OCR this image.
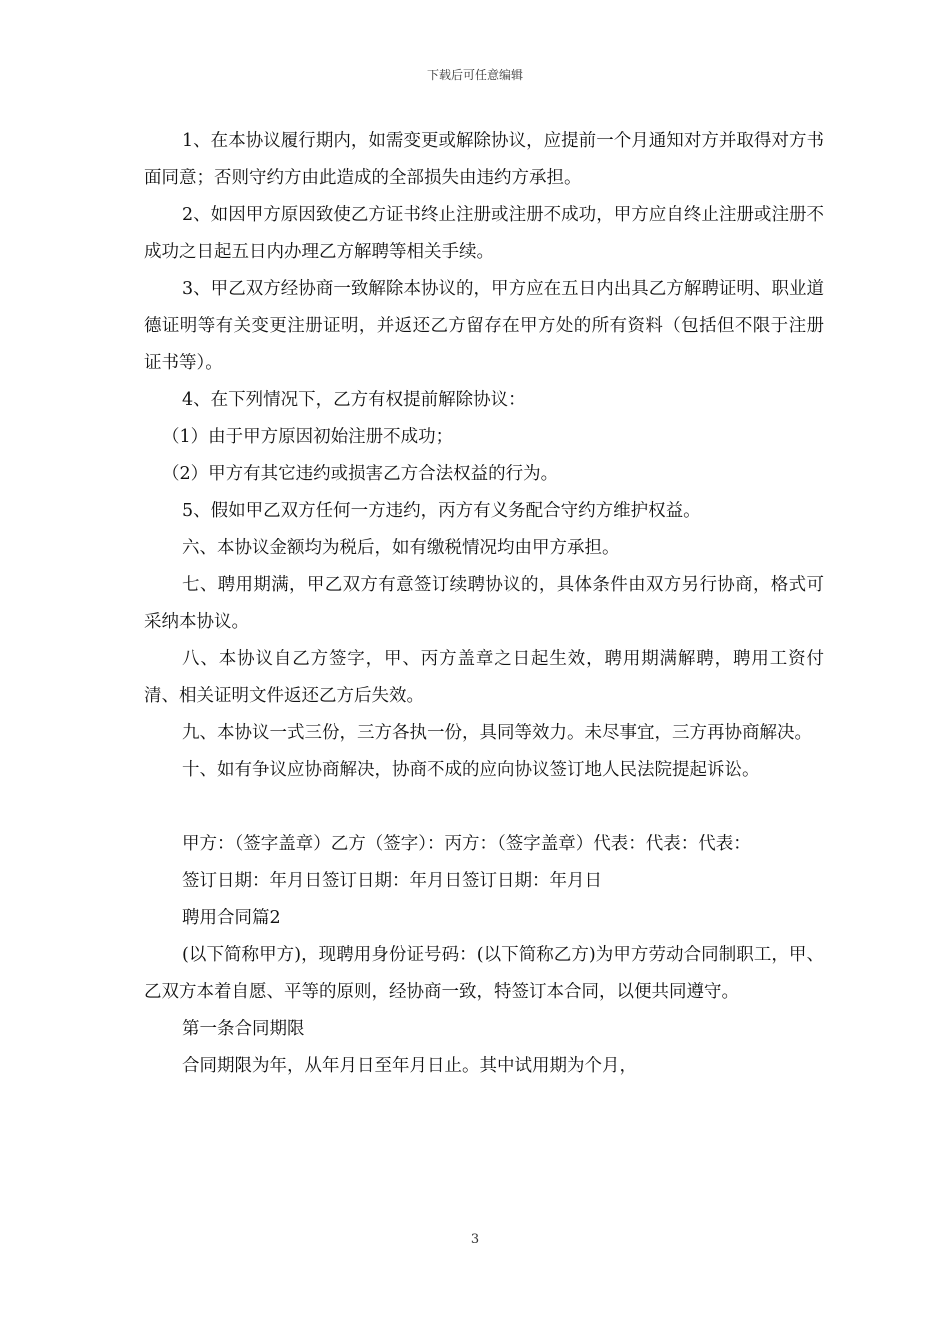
下载后可任意编辑

1、在本协议履行期内，如需变更或解除协议，应提前一个月通知对方并取得对方书面同意；否则守约方由此造成的全部损失由违约方承担。

2、如因甲方原因致使乙方证书终止注册或注册不成功，甲方应自终止注册或注册不成功之日起五日内办理乙方解聘等相关手续。

3、甲乙双方经协商一致解除本协议的，甲方应在五日内出具乙方解聘证明、职业道德证明等有关变更注册证明，并返还乙方留存在甲方处的所有资料（包括但不限于注册证书等）。

4、在下列情况下，乙方有权提前解除协议：

（1）由于甲方原因初始注册不成功；

（2）甲方有其它违约或损害乙方合法权益的行为。

5、假如甲乙双方任何一方违约，丙方有义务配合守约方维护权益。

六、本协议金额均为税后，如有缴税情况均由甲方承担。

七、聘用期满，甲乙双方有意签订续聘协议的，具体条件由双方另行协商，格式可采纳本协议。

八、本协议自乙方签字，甲、丙方盖章之日起生效，聘用期满解聘，聘用工资付清、相关证明文件返还乙方后失效。

九、本协议一式三份，三方各执一份，具同等效力。未尽事宜，三方再协商解决。

十、如有争议应协商解决，协商不成的应向协议签订地人民法院提起诉讼。

甲方：（签字盖章）乙方（签字）：丙方：（签字盖章）代表：代表：代表：

签订日期：年月日签订日期：年月日签订日期：年月日

聘用合同篇2

(以下简称甲方)，现聘用身份证号码：(以下简称乙方)为甲方劳动合同制职工，甲、乙双方本着自愿、平等的原则，经协商一致，特签订本合同，以便共同遵守。

第一条合同期限

合同期限为年，从年月日至年月日止。其中试用期为个月，

3
